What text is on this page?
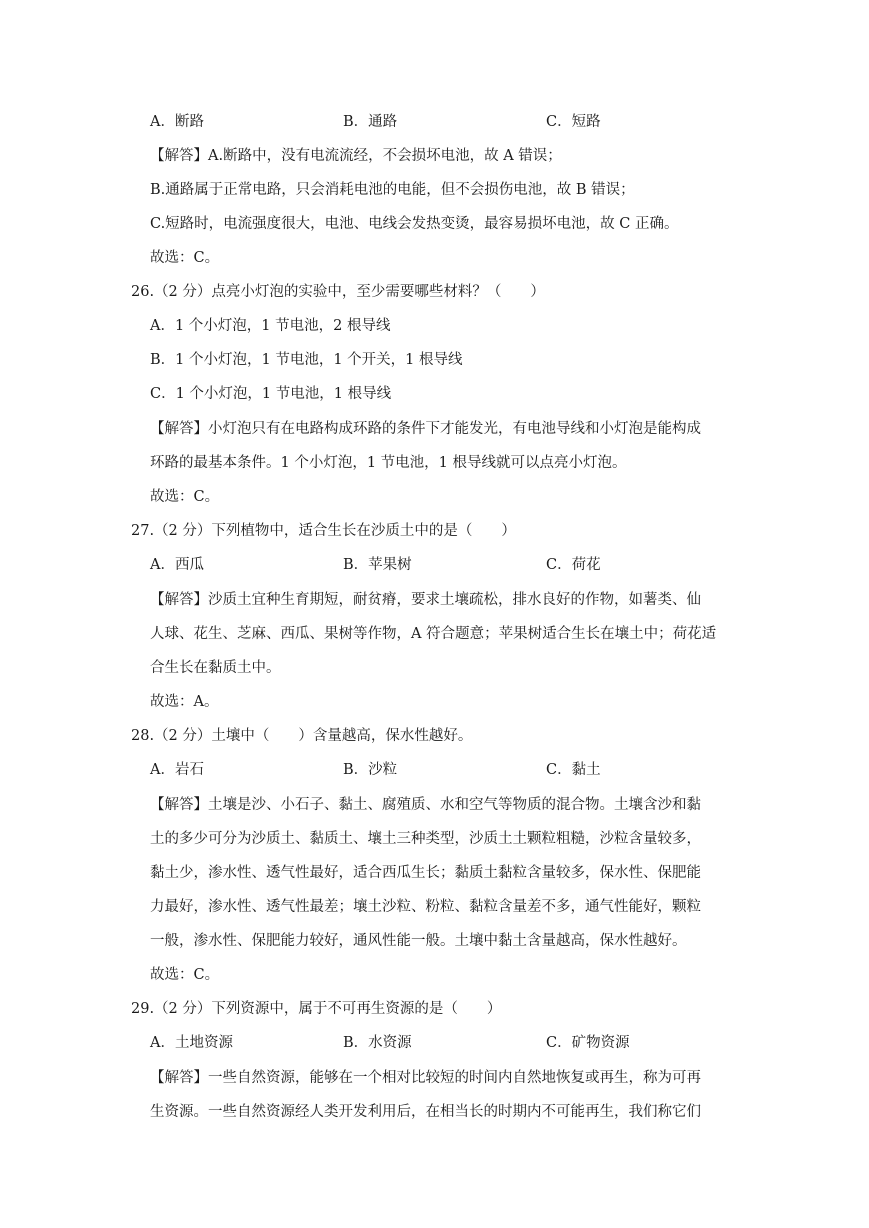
A．断路	B．通路	C．短路
【解答】A.断路中，没有电流流经，不会损坏电池，故 A 错误；
B.通路属于正常电路，只会消耗电池的电能，但不会损伤电池，故 B 错误；
C.短路时，电流强度很大，电池、电线会发热变烫，最容易损坏电池，故 C 正确。
故选：C。
26.（2 分）点亮小灯泡的实验中，至少需要哪些材料？（　　）
A．1 个小灯泡，1 节电池，2 根导线
B．1 个小灯泡，1 节电池，1 个开关，1 根导线
C．1 个小灯泡，1 节电池，1 根导线
【解答】小灯泡只有在电路构成环路的条件下才能发光，有电池导线和小灯泡是能构成
环路的最基本条件。1 个小灯泡，1 节电池，1 根导线就可以点亮小灯泡。
故选：C。
27.（2 分）下列植物中，适合生长在沙质土中的是（　　）
A．西瓜	B．苹果树	C．荷花
【解答】沙质土宜种生育期短，耐贫瘠，要求土壤疏松，排水良好的作物，如薯类、仙
人球、花生、芝麻、西瓜、果树等作物，A 符合题意；苹果树适合生长在壤土中；荷花适
合生长在黏质土中。
故选：A。
28.（2 分）土壤中（　　）含量越高，保水性越好。
A．岩石	B．沙粒	C．黏土
【解答】土壤是沙、小石子、黏土、腐殖质、水和空气等物质的混合物。土壤含沙和黏
土的多少可分为沙质土、黏质土、壤土三种类型，沙质土土颗粒粗糙，沙粒含量较多，
黏土少，渗水性、透气性最好，适合西瓜生长；黏质土黏粒含量较多，保水性、保肥能
力最好，渗水性、透气性最差；壤土沙粒、粉粒、黏粒含量差不多，通气性能好，颗粒
一般，渗水性、保肥能力较好，通风性能一般。土壤中黏土含量越高，保水性越好。
故选：C。
29.（2 分）下列资源中，属于不可再生资源的是（　　）
A．土地资源	B．水资源	C．矿物资源
【解答】一些自然资源，能够在一个相对比较短的时间内自然地恢复或再生，称为可再
生资源。一些自然资源经人类开发利用后，在相当长的时期内不可能再生，我们称它们
